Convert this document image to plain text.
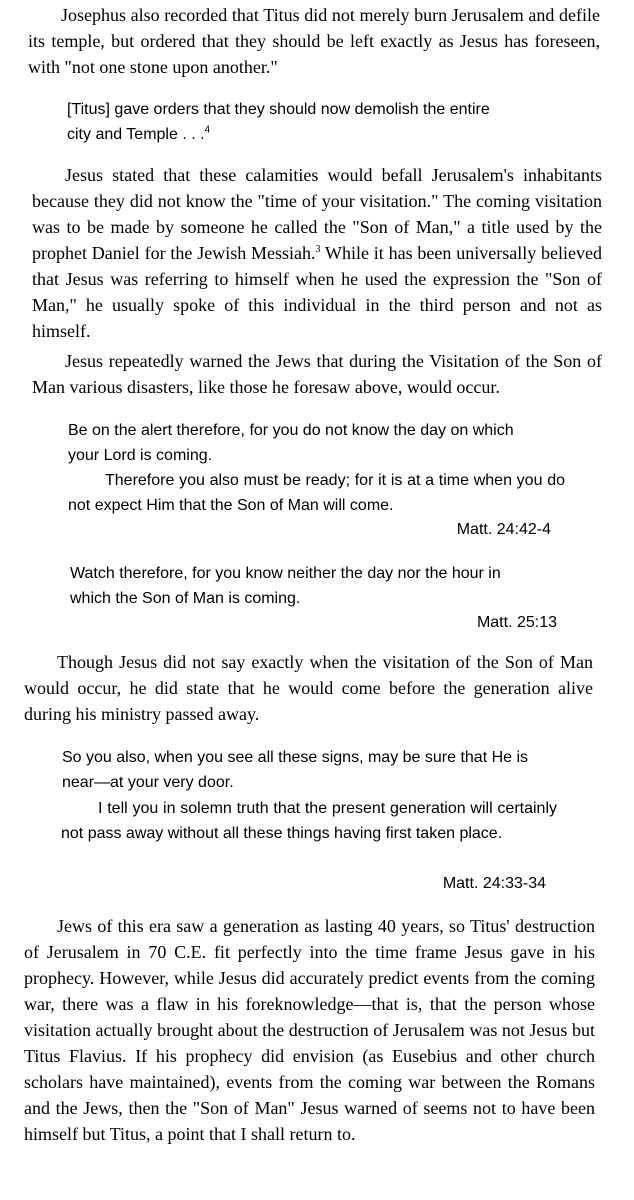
Josephus also recorded that Titus did not merely burn Jerusalem and defile its temple, but ordered that they should be left exactly as Jesus has foreseen, with "not one stone upon another."

[Titus] gave orders that they should now demolish the entire city and Temple . . .$^4$

Jesus stated that these calamities would befall Jerusalem's inhabitants because they did not know the "time of your visitation." The coming visitation was to be made by someone he called the "Son of Man," a title used by the prophet Daniel for the Jewish Messiah.$^3$ While it has been universally believed that Jesus was referring to himself when he used the expression the "Son of Man," he usually spoke of this individual in the third person and not as himself.

Jesus repeatedly warned the Jews that during the Visitation of the Son of Man various disasters, like those he foresaw above, would occur.

Be on the alert therefore, for you do not know the day on which your Lord is coming.

Therefore you also must be ready; for it is at a time when you do not expect Him that the Son of Man will come.

Matt. 24:42-4

Watch therefore, for you know neither the day nor the hour in which the Son of Man is coming.

Matt. 25:13

Though Jesus did not say exactly when the visitation of the Son of Man would occur, he did state that he would come before the generation alive during his ministry passed away.

So you also, when you see all these signs, may be sure that He is near—at your very door.

I tell you in solemn truth that the present generation will certainly not pass away without all these things having first taken place.

Matt. 24:33-34

Jews of this era saw a generation as lasting 40 years, so Titus' destruction of Jerusalem in 70 C.E. fit perfectly into the time frame Jesus gave in his prophecy. However, while Jesus did accurately predict events from the coming war, there was a flaw in his foreknowledge—that is, that the person whose visitation actually brought about the destruction of Jerusalem was not Jesus but Titus Flavius. If his prophecy did envision (as Eusebius and other church scholars have maintained), events from the coming war between the Romans and the Jews, then the "Son of Man" Jesus warned of seems not to have been himself but Titus, a point that I shall return to.
